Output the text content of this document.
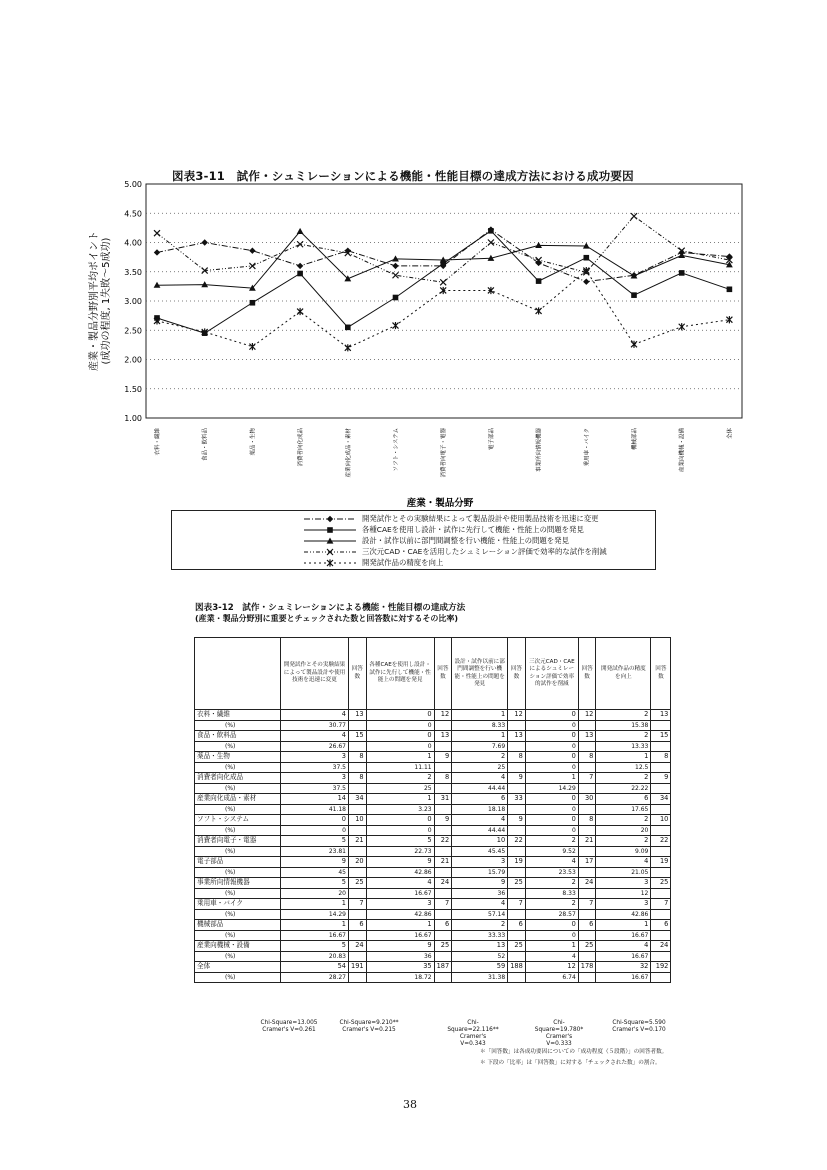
1.00
1.50
2.00
2.50
3.00
3.50
4.00
4.50
5.00
産業・製品分野別平均ポイント (成功の程度, 1失敗～5成功)
衣料・繊維	食品・飲料品	薬品・生物	消費者向化成品	産業向化成品・素材	ソフト・システム	消費者向電子・電器	電子部品	事業所向情報機器	乗用車・バイク	機械部品	産業向機械・設備	全体
産業・製品分野
図表3-11　試作・シュミレーションによる機能・性能目標の達成方法における成功要因
開発試作とその実験結果によって製品設計や使用製品技術を迅速に変更
各種CAEを使用し設計・試作に先行して機能・性能上の問題を発見
設計・試作以前に部門間調整を行い機能・性能上の問題を発見
三次元CAD・CAEを活用したシュミレーション評価で効率的な試作を削減
開発試作品の精度を向上
図表3-12　試作・シュミレーションによる機能・性能目標の達成方法
(産業・製品分野別に重要とチェックされた数と回答数に対するその比率)
	開発試作とその実験結果によって製品設計や使用技術を迅速に変更	回答数	各種CAEを使用し設計・試作に先行して機能・性能上の問題を発見	回答数	設計・試作以前に部門間調整を行い機能・性能上の問題を発見	回答数	三次元CAD・CAEによるシュミレーション評価で効率的試作を削減	回答数	開発試作品の精度を向上	回答数
衣料・繊維	4	13	0	12	1	12	0	12	2	13
(%)	30.77		0		8.33		0		15.38	
食品・飲料品	4	15	0	13	1	13	0	13	2	15
(%)	26.67		0		7.69		0		13.33	
薬品・生物	3	8	1	9	2	8	0	8	1	8
(%)	37.5		11.11		25		0		12.5	
消費者向化成品	3	8	2	8	4	9	1	7	2	9
(%)	37.5		25		44.44		14.29		22.22	
産業向化成品・素材	14	34	1	31	6	33	0	30	6	34
(%)	41.18		3.23		18.18		0		17.65	
ソフト・システム	0	10	0	9	4	9	0	8	2	10
(%)	0		0		44.44		0		20	
消費者向電子・電器	5	21	5	22	10	22	2	21	2	22
(%)	23.81		22.73		45.45		9.52		9.09	
電子部品	9	20	9	21	3	19	4	17	4	19
(%)	45		42.86		15.79		23.53		21.05	
事業所向情報機器	5	25	4	24	9	25	2	24	3	25
(%)	20		16.67		36		8.33		12	
乗用車・バイク	1	7	3	7	4	7	2	7	3	7
(%)	14.29		42.86		57.14		28.57		42.86	
機械部品	1	6	1	6	2	6	0	6	1	6
(%)	16.67		16.67		33.33		0		16.67	
産業向機械・設備	5	24	9	25	13	25	1	25	4	24
(%)	20.83		36		52		4		16.67	
全体	54	191	35	187	59	188	12	178	32	192
(%)	28.27		18.72		31.38		6.74		16.67	
Chi-Square=13.005
Cramer's V=0.261
Chi-Square=9.210**
Cramer's V=0.215
Chi-
Square=22.116**
Cramer's
V=0.343
Chi-
Square=19.780*
Cramer's
V=0.333
Chi-Square=5.590
Cramer's V=0.170
＊「回答数」は各成功要因についての「成功程度（５段階）」の回答者数。
＊ 下段の「比率」は「回答数」に対する「チェックされた数」の割合。
38
